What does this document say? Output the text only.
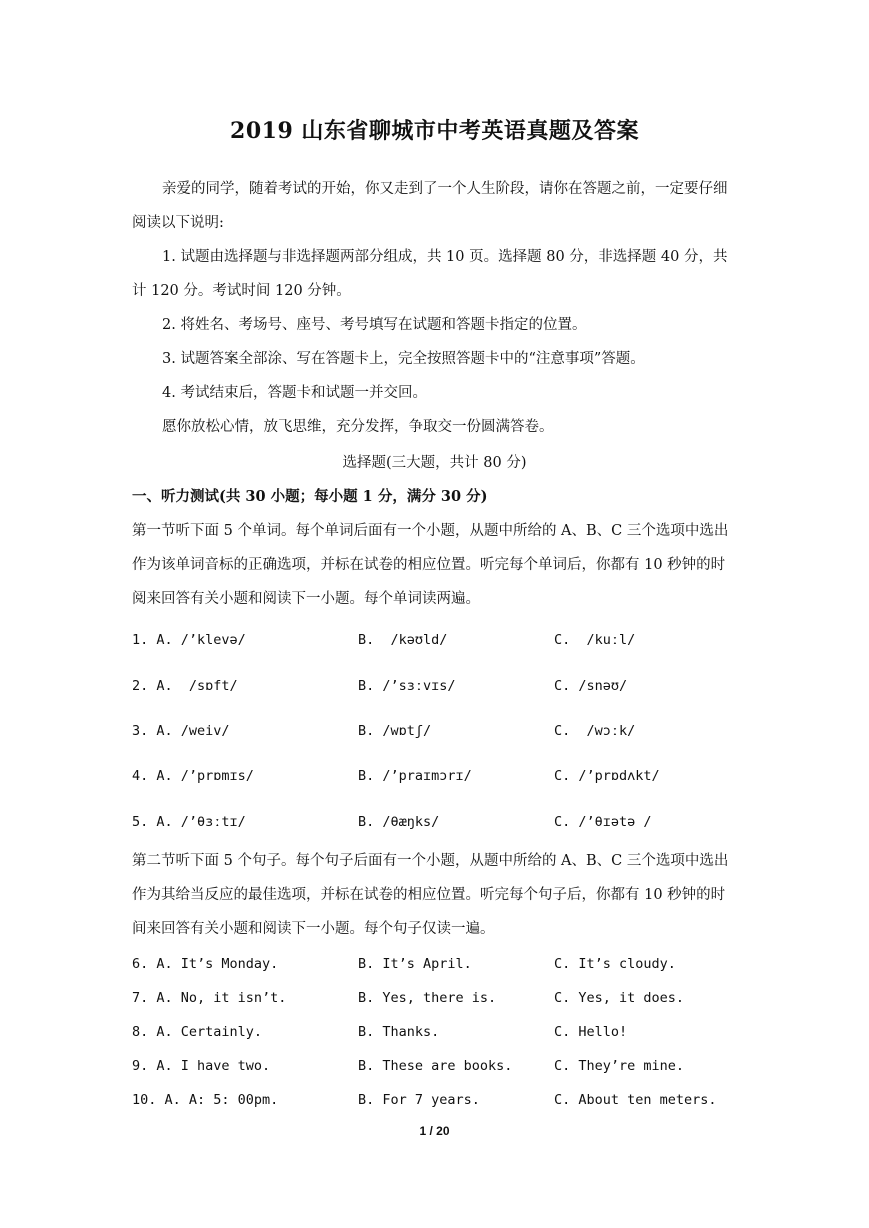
2019 山东省聊城市中考英语真题及答案
亲爱的同学，随着考试的开始，你又走到了一个人生阶段，请你在答题之前，一定要仔细阅读以下说明:
1. 试题由选择题与非选择题两部分组成，共 10 页。选择题 80 分，非选择题 40 分，共计 120 分。考试时间 120 分钟。
2. 将姓名、考场号、座号、考号填写在试题和答题卡指定的位置。
3. 试题答案全部涂、写在答题卡上，完全按照答题卡中的“注意事项”答题。
4. 考试结束后，答题卡和试题一并交回。
愿你放松心情，放飞思维，充分发挥，争取交一份圆满答卷。
选择题(三大题，共计 80 分)
一、听力测试(共 30 小题；每小题 1 分，满分 30 分)
第一节听下面 5 个单词。每个单词后面有一个小题，从题中所给的 A、B、C 三个选项中选出作为该单词音标的正确选项，并标在试卷的相应位置。听完每个单词后，你都有 10 秒钟的时阅来回答有关小题和阅读下一小题。每个单词读两遍。
1. A. /’klevə/	B.  /kəʊld/	C.  /kuːl/
2. A.  /sɒft/	B. /’sɜːvɪs/	C. /snəʊ/
3. A. /weiv/	B. /wɒtʃ/	C.  /wɔːk/
4. A. /’prɒmɪs/	B. /’praɪmɔrɪ/	C. /’prɒdʌkt/
5. A. /’θɜːtɪ/	B. /θæŋks/	C. /’θɪətə /
第二节听下面 5 个句子。每个句子后面有一个小题，从题中所给的 A、B、C 三个选项中选出作为其给当反应的最佳选项，并标在试卷的相应位置。听完每个句子后，你都有 10 秒钟的时间来回答有关小题和阅读下一小题。每个句子仅读一遍。
6. A. It’s Monday.	B. It’s April.	C. It’s cloudy.
7. A. No, it isn’t.	B. Yes, there is.	C. Yes, it does.
8. A. Certainly.	B. Thanks.	C. Hello!
9. A. I have two.	B. These are books.	C. They’re mine.
10. A. A: 5: 00pm.	B. For 7 years.	C. About ten meters.
1 / 20
